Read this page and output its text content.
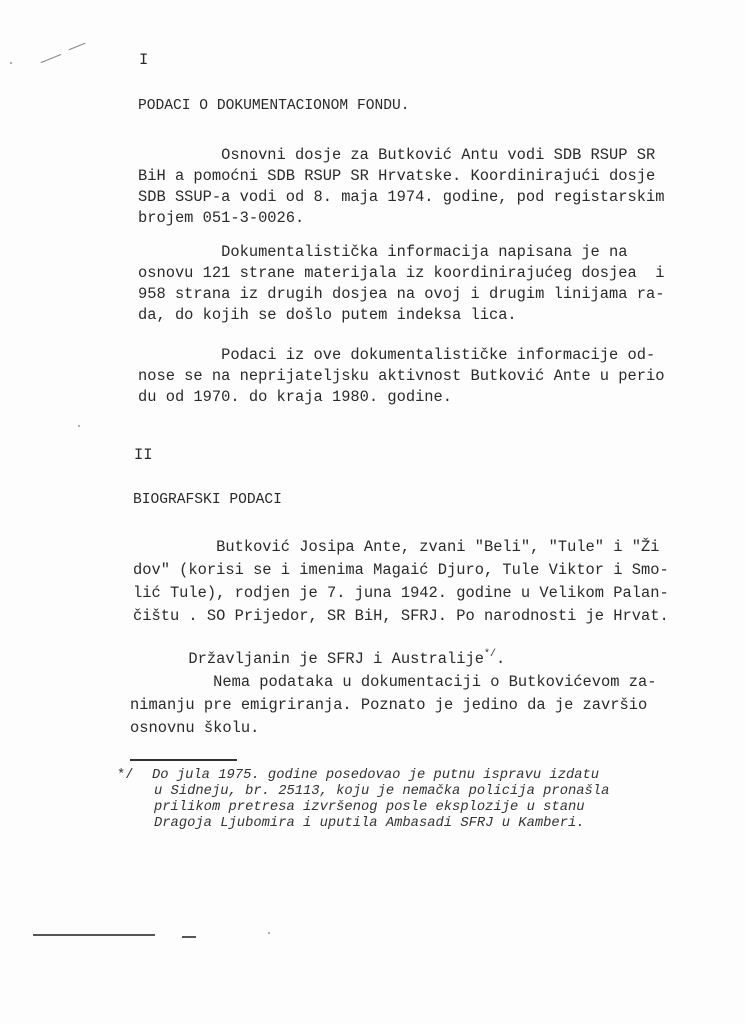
I
PODACI O DOKUMENTACIONOM FONDU.
Osnovni dosje za Butković Antu vodi SDB RSUP SR
BiH a pomoćni SDB RSUP SR Hrvatske. Koordinirajući dosje
SDB SSUP-a vodi od 8. maja 1974. godine, pod registarskim
brojem 051-3-0026.
Dokumentalistička informacija napisana je na
osnovu 121 strane materijala iz koordinirajućeg dosjea  i
958 strana iz drugih dosjea na ovoj i drugim linijama ra-
da, do kojih se došlo putem indeksa lica.
Podaci iz ove dokumentalističke informacije od-
nose se na neprijateljsku aktivnost Butković Ante u perio
du od 1970. do kraja 1980. godine.
II
BIOGRAFSKI PODACI
Butković Josipa Ante, zvani "Beli", "Tule" i "Ži
dov" (korisi se i imenima Magaić Djuro, Tule Viktor i Smo-
lić Tule), rodjen je 7. juna 1942. godine u Velikom Palan-
čištu . SO Prijedor, SR BiH, SFRJ. Po narodnosti je Hrvat.

Državljanin je SFRJ i Australije*/.

Nema podataka u dokumentaciji o Butkovićevom za-
nimanju pre emigriranja. Poznato je jedino da je završio
osnovnu školu.
*/ Do jula 1975. godine posedovao je putnu ispravu izdatu
u Sidneju, br. 25113, koju je nemačka policija pronašla
prilikom pretresa izvršenog posle eksplozije u stanu
Dragoja Ljubomira i uputila Ambasadi SFRJ u Kamberi.
